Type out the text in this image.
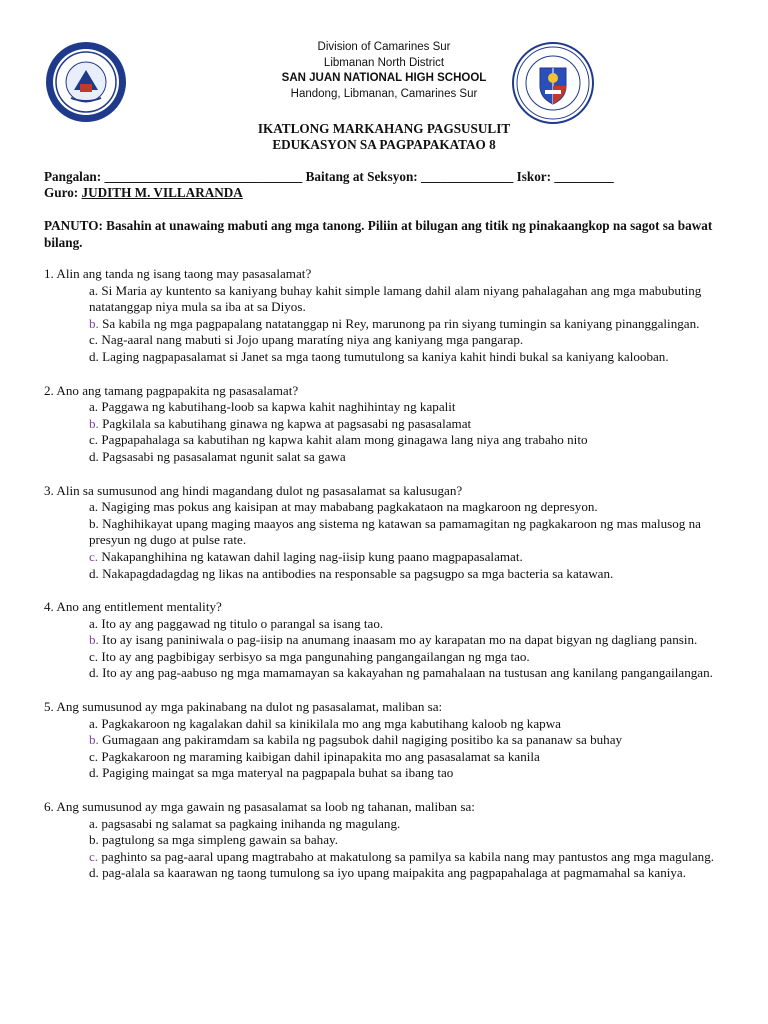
Division of Camarines Sur
Libmanan North District
SAN JUAN NATIONAL HIGH SCHOOL
Handong, Libmanan, Camarines Sur
IKATLONG MARKAHANG PAGSUSULIT
EDUKASYON SA PAGPAPAKATAO 8
Pangalan: ______________________________ Baitang at Seksyon: ______________ Iskor: _________
Guro: JUDITH M. VILLARANDA
PANUTO: Basahin at unawaing mabuti ang mga tanong. Piliin at bilugan ang titik ng pinakaangkop na sagot sa bawat bilang.

1. Alin ang tanda ng isang taong may pasasalamat?

a. Si Maria ay kuntento sa kaniyang buhay kahit simple lamang dahil alam niyang pahalagahan ang mga mabubuting natatanggap niya mula sa iba at sa Diyos.
b. Sa kabila ng mga pagpapalang natatanggap ni Rey, marunong pa rin siyang tumingin sa kaniyang pinanggalingan.
c. Nag-aaral nang mabuti si Jojo upang maratíng niya ang kaniyang mga pangarap.
d. Laging nagpapasalamat si Janet sa mga taong tumutulong sa kaniya kahit hindi bukal sa kaniyang kalooban.

2. Ano ang tamang pagpapakita ng pasasalamat?

a. Paggawa ng kabutihang-loob sa kapwa kahit naghihintay ng kapalit
b. Pagkilala sa kabutihang ginawa ng kapwa at pagsasabi ng pasasalamat
c. Pagpapahalaga sa kabutihan ng kapwa kahit alam mong ginagawa lang niya ang trabaho nito
d. Pagsasabi ng pasasalamat ngunit salat sa gawa

3. Alin sa sumusunod ang hindi magandang dulot ng pasasalamat sa kalusugan?

a. Nagiging mas pokus ang kaisipan at may mababang pagkakataon na magkaroon ng depresyon.
b. Naghihikayat upang maging maayos ang sistema ng katawan sa pamamagitan ng pagkakaroon ng mas malusog na presyun ng dugo at pulse rate.
c. Nakapanghihina ng katawan dahil laging nag-iisip kung paano magpapasalamat.
d. Nakapagdadagdag ng likas na antibodies na responsable sa pagsugpo sa mga bacteria sa katawan.

4. Ano ang entitlement mentality?

a. Ito ay ang paggawad ng titulo o parangal sa isang tao.
b. Ito ay isang paniniwala o pag-iisip na anumang inaasam mo ay karapatan mo na dapat bigyan ng dagliang pansin.
c. Ito ay ang pagbibigay serbisyo sa mga pangunahing pangangailangan ng mga tao.
d. Ito ay ang pag-aabuso ng mga mamamayan sa kakayahan ng pamahalaan na tustusan ang kanilang pangangailangan.

5. Ang sumusunod ay mga pakinabang na dulot ng pasasalamat, maliban sa:

a. Pagkakaroon ng kagalakan dahil sa kinikilala mo ang mga kabutihang kaloob ng kapwa
b. Gumagaan ang pakiramdam sa kabila ng pagsubok dahil nagiging positibo ka sa pananaw sa buhay
c. Pagkakaroon ng maraming kaibigan dahil ipinapakita mo ang pasasalamat sa kanila
d. Pagiging maingat sa mga materyal na pagpapala buhat sa ibang tao

6. Ang sumusunod ay mga gawain ng pasasalamat sa loob ng tahanan, maliban sa:

a. pagsasabi ng salamat sa pagkaing inihanda ng magulang.
b. pagtulong sa mga simpleng gawain sa bahay.
c. paghinto sa pag-aaral upang magtrabaho at makatulong sa pamilya sa kabila nang may pantustos ang mga magulang.
d. pag-alala sa kaarawan ng taong tumulong sa iyo upang maipakita ang pagpapahalaga at pagmamahal sa kaniya.
